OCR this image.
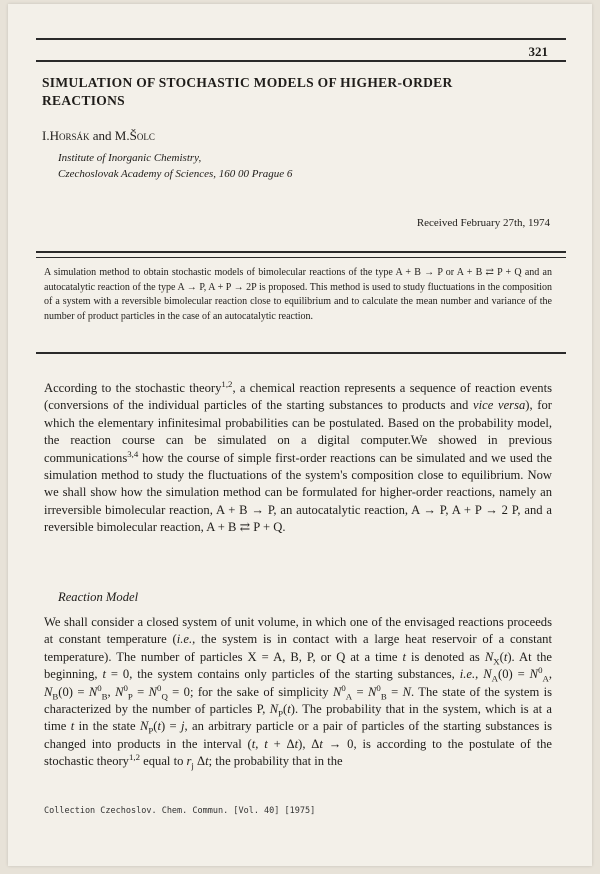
321
SIMULATION OF STOCHASTIC MODELS OF HIGHER-ORDER REACTIONS
I.Horsák and M.Šolc
Institute of Inorganic Chemistry,
Czechoslovak Academy of Sciences, 160 00 Prague 6
Received February 27th, 1974
A simulation method to obtain stochastic models of bimolecular reactions of the type A + B → P or A + B ⇄ P + Q and an autocatalytic reaction of the type A → P, A + P → 2P is proposed. This method is used to study fluctuations in the composition of a system with a reversible bimolecular reaction close to equilibrium and to calculate the mean number and variance of the number of product particles in the case of an autocatalytic reaction.
According to the stochastic theory$^{1,2}$, a chemical reaction represents a sequence of reaction events (conversions of the individual particles of the starting substances to products and vice versa), for which the elementary infinitesimal probabilities can be postulated. Based on the probability model, the reaction course can be simulated on a digital computer.We showed in previous communications$^{3,4}$ how the course of simple first-order reactions can be simulated and we used the simulation method to study the fluctuations of the system's composition close to equilibrium. Now we shall show how the simulation method can be formulated for higher-order reactions, namely an irreversible bimolecular reaction, A + B → P, an autocatalytic reaction, A → P, A + P → 2 P, and a reversible bimolecular reaction, A + B ⇄ P + Q.
Reaction Model
We shall consider a closed system of unit volume, in which one of the envisaged reactions proceeds at constant temperature (i.e., the system is in contact with a large heat reservoir of a constant temperature). The number of particles X = A, B, P, or Q at a time t is denoted as $N_X(t)$. At the beginning, t = 0, the system contains only particles of the starting substances, i.e., $N_A(0) = N^0_A$, $N_B(0) = N^0_B$, $N^0_P = N^0_Q = 0$; for the sake of simplicity $N^0_A = N^0_B = N$. The state of the system is characterized by the number of particles P, $N_P(t)$. The probability that in the system, which is at a time t in the state $N_P(t) = j$, an arbitrary particle or a pair of particles of the starting substances is changed into products in the interval (t, t + Δt), Δt → 0, is according to the postulate of the stochastic theory$^{1,2}$ equal to $r_j$ Δt; the probability that in the
Collection Czechoslov. Chem. Commun. [Vol. 40] [1975]
